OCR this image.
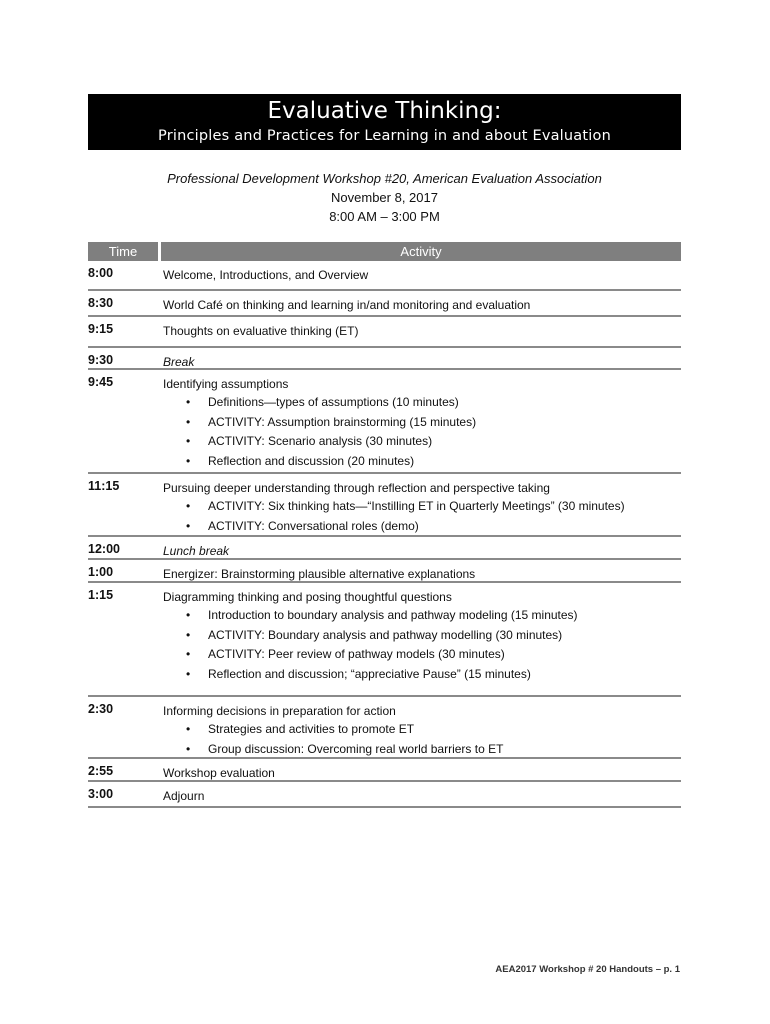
Evaluative Thinking:
Principles and Practices for Learning in and about Evaluation
Professional Development Workshop #20, American Evaluation Association
November 8, 2017
8:00 AM – 3:00 PM
Time	Activity
8:00	Welcome, Introductions, and Overview
8:30	World Café on thinking and learning in/and monitoring and evaluation
9:15	Thoughts on evaluative thinking (ET)
9:30	Break
9:45	Identifying assumptions
• Definitions—types of assumptions (10 minutes)
• ACTIVITY: Assumption brainstorming (15 minutes)
• ACTIVITY: Scenario analysis (30 minutes)
• Reflection and discussion (20 minutes)
11:15	Pursuing deeper understanding through reflection and perspective taking
• ACTIVITY: Six thinking hats—“Instilling ET in Quarterly Meetings” (30 minutes)
• ACTIVITY: Conversational roles (demo)
12:00	Lunch break
1:00	Energizer: Brainstorming plausible alternative explanations
1:15	Diagramming thinking and posing thoughtful questions
• Introduction to boundary analysis and pathway modeling (15 minutes)
• ACTIVITY: Boundary analysis and pathway modelling (30 minutes)
• ACTIVITY: Peer review of pathway models (30 minutes)
• Reflection and discussion; “appreciative Pause” (15 minutes)
2:30	Informing decisions in preparation for action
• Strategies and activities to promote ET
• Group discussion: Overcoming real world barriers to ET
2:55	Workshop evaluation
3:00	Adjourn
AEA2017 Workshop # 20 Handouts – p. 1
